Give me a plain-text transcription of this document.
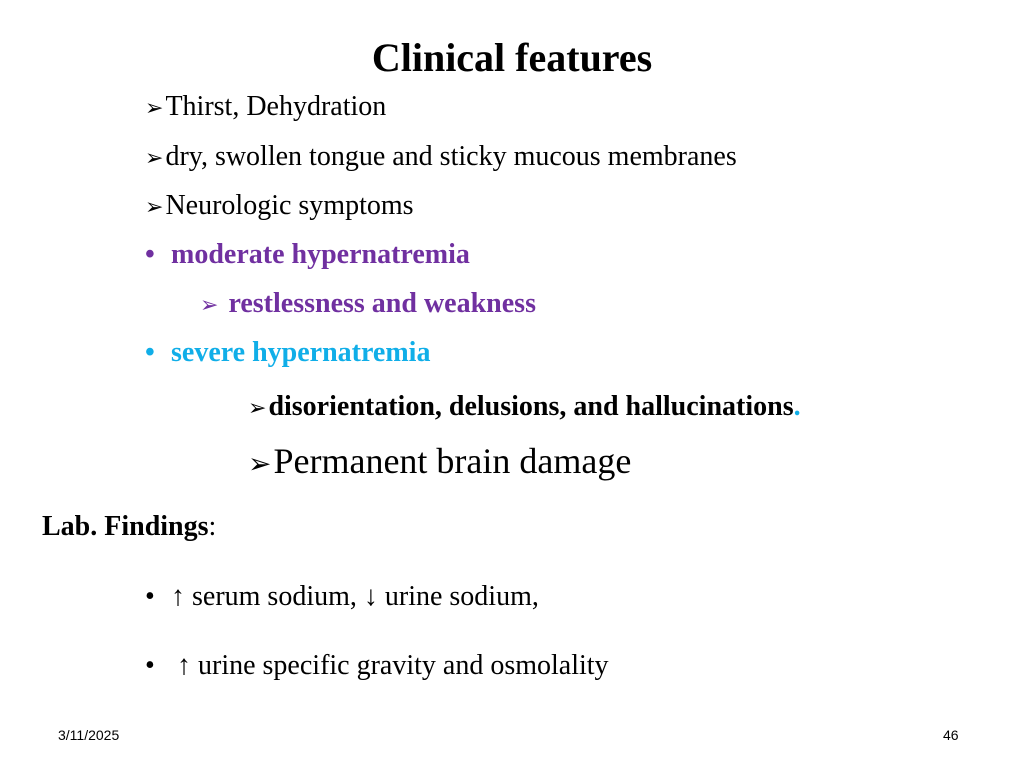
Clinical features
➢Thirst, Dehydration
➢dry, swollen tongue and sticky mucous membranes
➢Neurologic symptoms
• moderate hypernatremia
➢ restlessness and weakness
• severe hypernatremia
➢disorientation, delusions, and hallucinations.
➢Permanent brain damage
Lab. Findings:
• ↑ serum sodium, ↓ urine sodium,
• ↑ urine specific gravity and osmolality
3/11/2025	46
